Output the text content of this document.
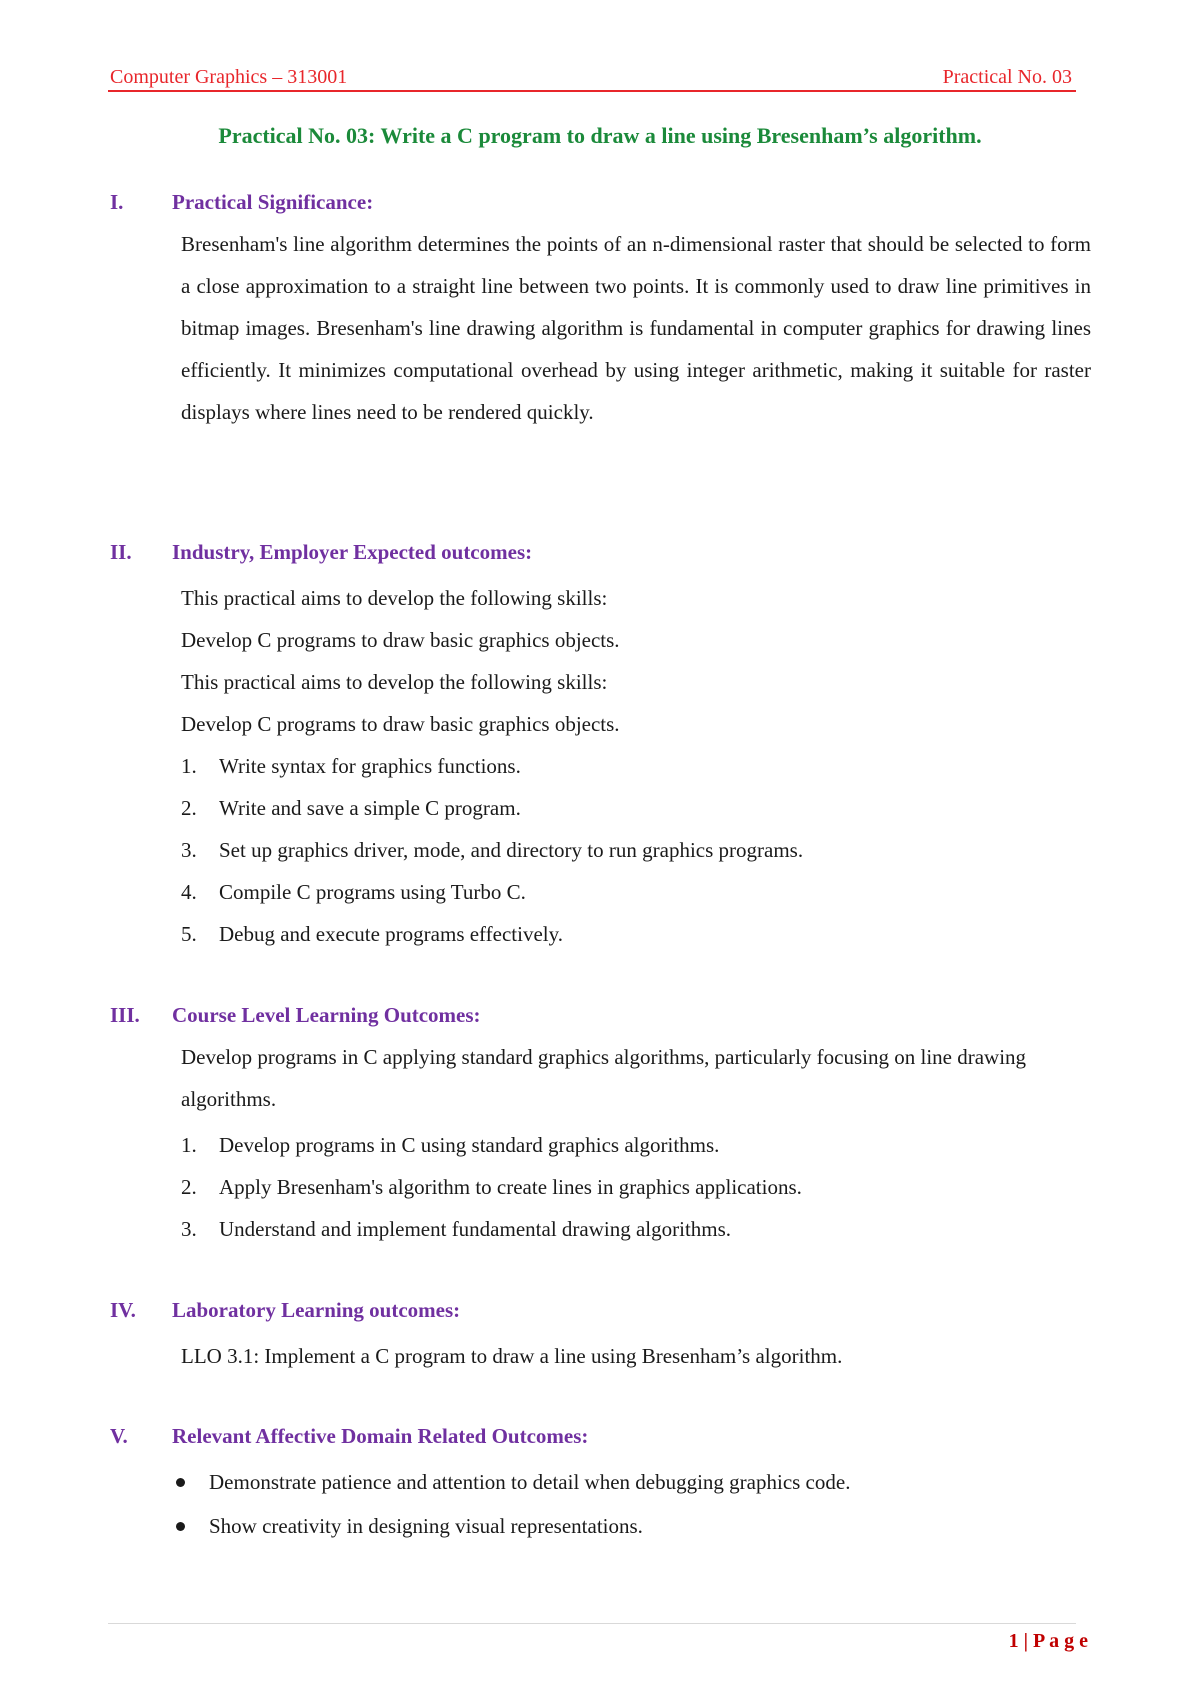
Computer Graphics – 313001	Practical No. 03
Practical No. 03: Write a C program to draw a line using Bresenham’s algorithm.
I. Practical Significance:
Bresenham's line algorithm determines the points of an n-dimensional raster that should be selected to form a close approximation to a straight line between two points. It is commonly used to draw line primitives in bitmap images. Bresenham's line drawing algorithm is fundamental in computer graphics for drawing lines efficiently. It minimizes computational overhead by using integer arithmetic, making it suitable for raster displays where lines need to be rendered quickly.
II. Industry, Employer Expected outcomes:
This practical aims to develop the following skills:
Develop C programs to draw basic graphics objects.
This practical aims to develop the following skills:
Develop C programs to draw basic graphics objects.
1. Write syntax for graphics functions.
2. Write and save a simple C program.
3. Set up graphics driver, mode, and directory to run graphics programs.
4. Compile C programs using Turbo C.
5. Debug and execute programs effectively.
III. Course Level Learning Outcomes:
Develop programs in C applying standard graphics algorithms, particularly focusing on line drawing algorithms.
1. Develop programs in C using standard graphics algorithms.
2. Apply Bresenham's algorithm to create lines in graphics applications.
3. Understand and implement fundamental drawing algorithms.
IV. Laboratory Learning outcomes:
LLO 3.1: Implement a C program to draw a line using Bresenham’s algorithm.
V. Relevant Affective Domain Related Outcomes:
Demonstrate patience and attention to detail when debugging graphics code.
Show creativity in designing visual representations.
1 | P a g e
